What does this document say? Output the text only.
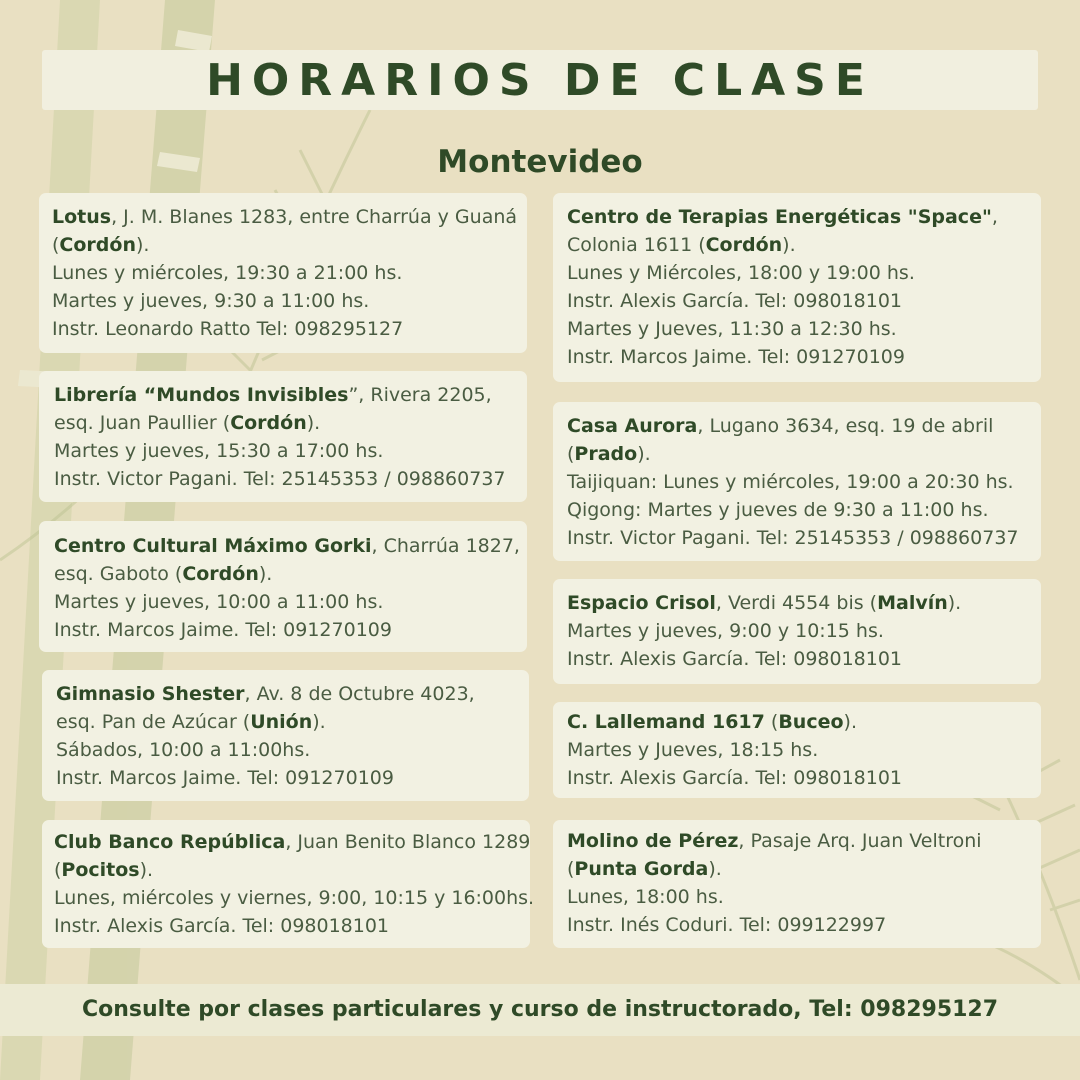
HORARIOS DE CLASE
Montevideo
Lotus, J. M. Blanes 1283, entre Charrúa y Guaná
(Cordón).
Lunes y miércoles, 19:30 a 21:00 hs.
Martes y jueves, 9:30 a 11:00 hs.
Instr. Leonardo Ratto Tel: 098295127
Librería “Mundos Invisibles”, Rivera 2205,
esq. Juan Paullier (Cordón).
Martes y jueves, 15:30 a 17:00 hs.
Instr. Victor Pagani. Tel: 25145353 / 098860737
Centro Cultural Máximo Gorki, Charrúa 1827,
esq. Gaboto (Cordón).
Martes y jueves, 10:00 a 11:00 hs.
Instr. Marcos Jaime. Tel: 091270109
Gimnasio Shester, Av. 8 de Octubre 4023,
esq. Pan de Azúcar (Unión).
Sábados, 10:00 a 11:00hs.
Instr. Marcos Jaime. Tel: 091270109
Club Banco República, Juan Benito Blanco 1289
(Pocitos).
Lunes, miércoles y viernes, 9:00, 10:15 y 16:00hs.
Instr. Alexis García. Tel: 098018101
Centro de Terapias Energéticas "Space",
Colonia 1611 (Cordón).
Lunes y Miércoles, 18:00 y 19:00 hs.
Instr. Alexis García. Tel: 098018101
Martes y Jueves, 11:30 a 12:30 hs.
Instr. Marcos Jaime. Tel: 091270109
Casa Aurora, Lugano 3634, esq. 19 de abril
(Prado).
Taijiquan: Lunes y miércoles, 19:00 a 20:30 hs.
Qigong: Martes y jueves de 9:30 a 11:00 hs.
Instr. Victor Pagani. Tel: 25145353 / 098860737
Espacio Crisol, Verdi 4554 bis (Malvín).
Martes y jueves, 9:00 y 10:15 hs.
Instr. Alexis García. Tel: 098018101
C. Lallemand 1617 (Buceo).
Martes y Jueves, 18:15 hs.
Instr. Alexis García. Tel: 098018101
Molino de Pérez, Pasaje Arq. Juan Veltroni
(Punta Gorda).
Lunes, 18:00 hs.
Instr. Inés Coduri. Tel: 099122997
Consulte por clases particulares y curso de instructorado, Tel: 098295127
